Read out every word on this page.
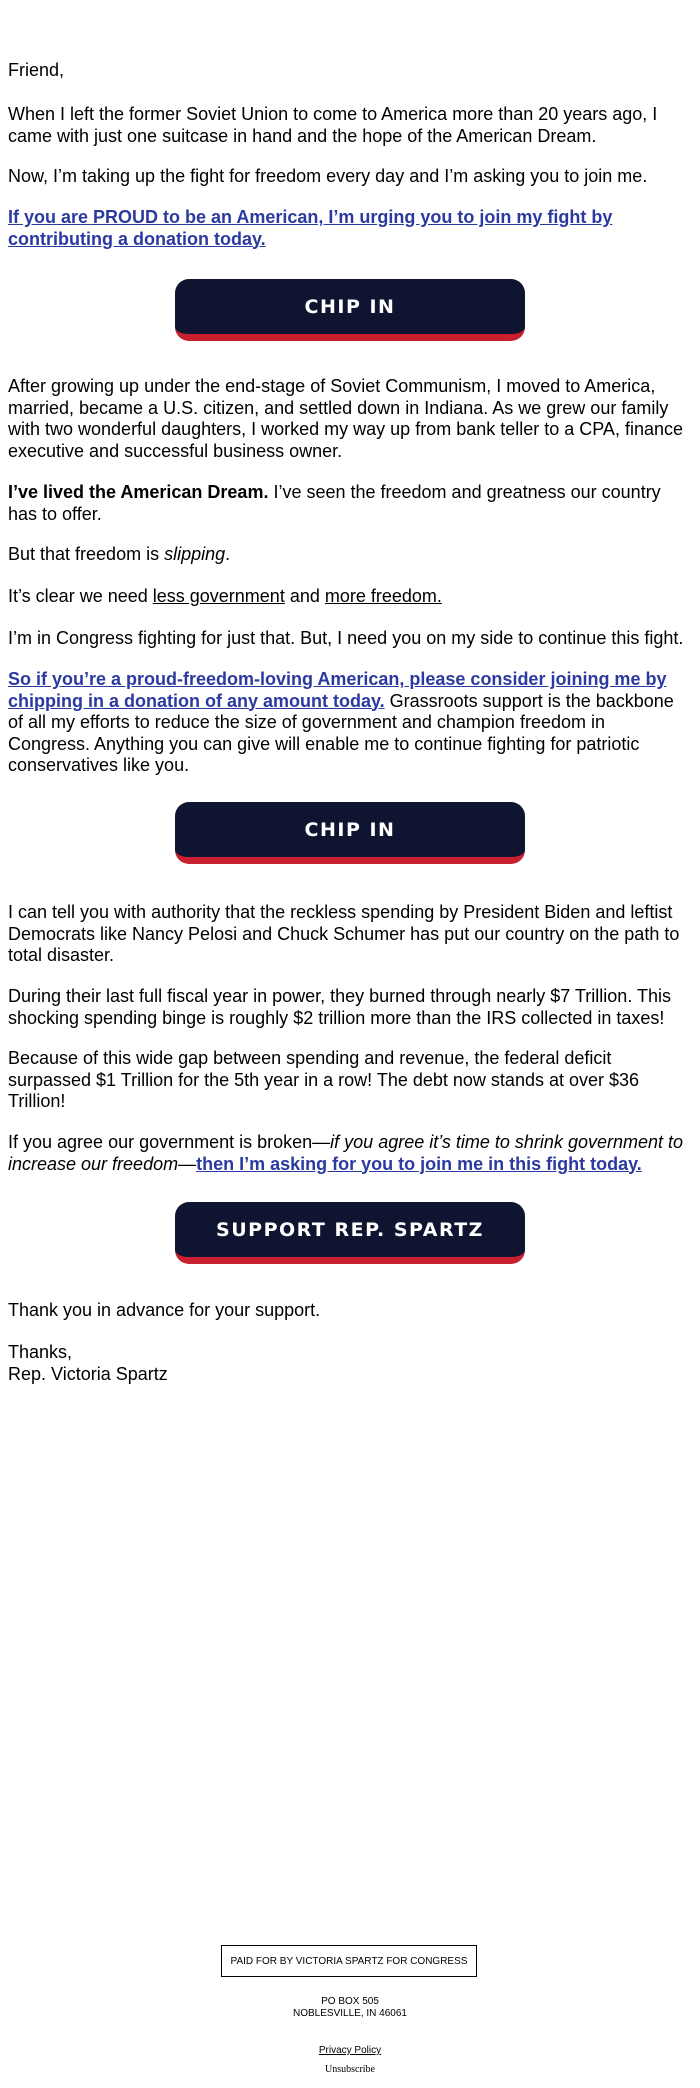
Friend,

When I left the former Soviet Union to come to America more than 20 years ago, I came with just one suitcase in hand and the hope of the American Dream.

Now, I’m taking up the fight for freedom every day and I’m asking you to join me.

If you are PROUD to be an American, I’m urging you to join my fight by contributing a donation today.

After growing up under the end-stage of Soviet Communism, I moved to America, married, became a U.S. citizen, and settled down in Indiana. As we grew our family with two wonderful daughters, I worked my way up from bank teller to a CPA, finance executive and successful business owner.

I’ve lived the American Dream. I’ve seen the freedom and greatness our country has to offer.

But that freedom is slipping.

It’s clear we need less government and more freedom.

I’m in Congress fighting for just that. But, I need you on my side to continue this fight.

So if you’re a proud-freedom-loving American, please consider joining me by chipping in a donation of any amount today. Grassroots support is the backbone of all my efforts to reduce the size of government and champion freedom in Congress. Anything you can give will enable me to continue fighting for patriotic conservatives like you.

I can tell you with authority that the reckless spending by President Biden and leftist Democrats like Nancy Pelosi and Chuck Schumer has put our country on the path to total disaster.

During their last full fiscal year in power, they burned through nearly $7 Trillion. This shocking spending binge is roughly $2 trillion more than the IRS collected in taxes!

Because of this wide gap between spending and revenue, the federal deficit surpassed $1 Trillion for the 5th year in a row! The debt now stands at over $36 Trillion!

If you agree our government is broken—if you agree it’s time to shrink government to increase our freedom—then I’m asking for you to join me in this fight today.

Thank you in advance for your support.

Thanks,
Rep. Victoria Spartz

CHIP IN
CHIP IN
SUPPORT REP. SPARTZ
PAID FOR BY VICTORIA SPARTZ FOR CONGRESS
PO BOX 505
NOBLESVILLE, IN 46061
Privacy Policy
Unsubscribe
